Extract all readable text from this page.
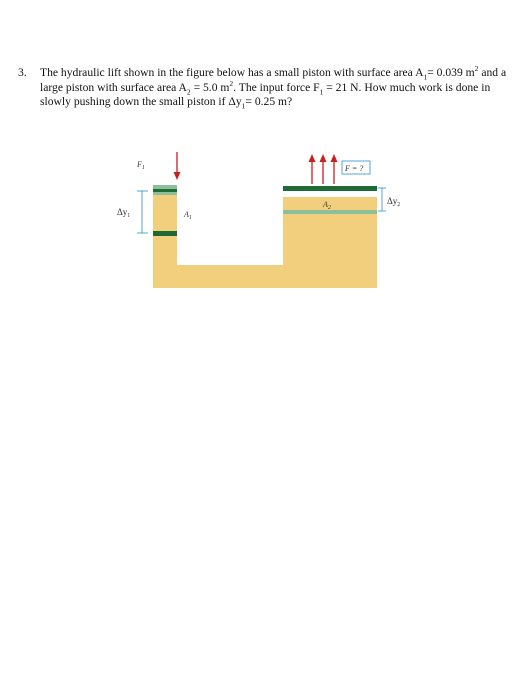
3. The hydraulic lift shown in the figure below has a small piston with surface area $A_1= 0.039$ $m^2$ and a large piston with surface area $A_2 = 5.0$ $m^2$. The input force $F_1 = 21$ N. How much work is done in slowly pushing down the small piston if $\Delta y_1= 0.25$ m?
F = ?
$F_1$
$A_1$
$A_2$
$\Delta y_1$
$\Delta y_2$
